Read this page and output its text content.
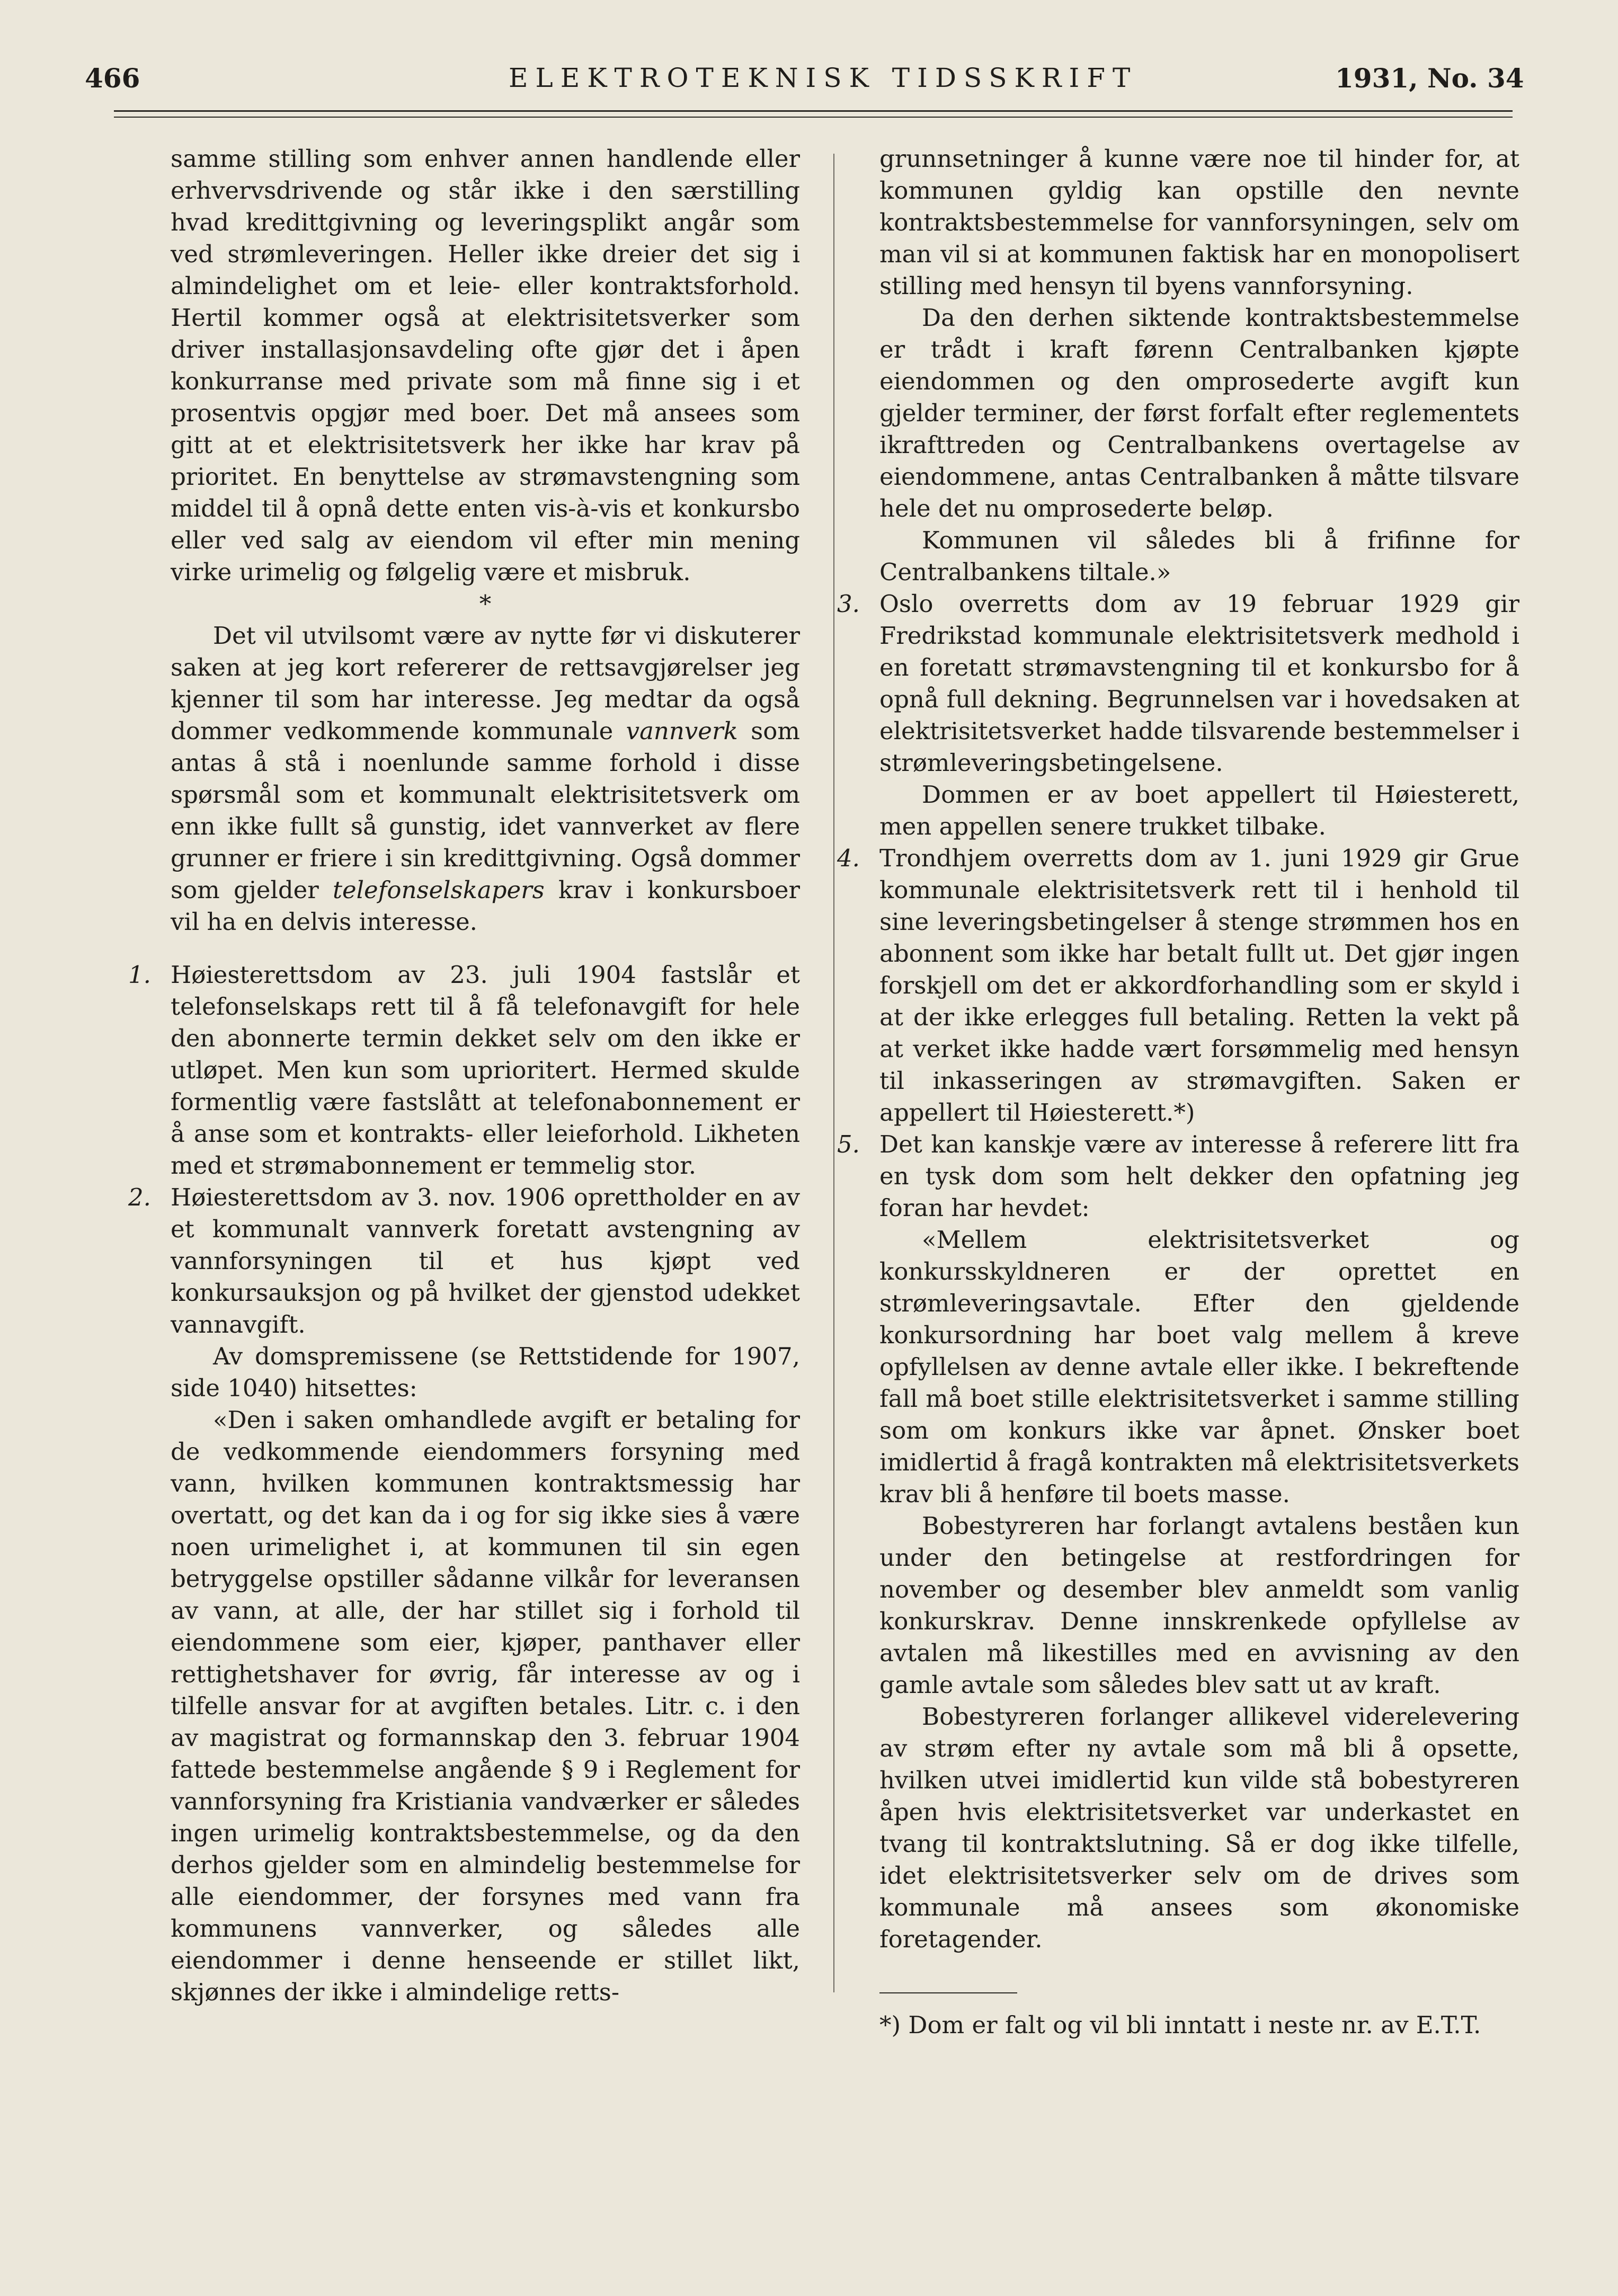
466	ELEKTROTEKNISK TIDSSKRIFT	1931, No. 34

samme stilling som enhver annen handlende eller erhvervsdrivende og står ikke i den særstilling hvad kredittgivning og leveringsplikt angår som ved strømleveringen. Heller ikke dreier det sig i almindelighet om et leie- eller kontraktsforhold. Hertil kommer også at elektrisitetsverker som driver installasjonsavdeling ofte gjør det i åpen konkurranse med private som må finne sig i et prosentvis opgjør med boer. Det må ansees som gitt at et elektrisitetsverk her ikke har krav på prioritet. En benyttelse av strømavstengning som middel til å opnå dette enten vis-à-vis et konkursbo eller ved salg av eiendom vil efter min mening virke urimelig og følgelig være et misbruk.

*

Det vil utvilsomt være av nytte før vi diskuterer saken at jeg kort refererer de rettsavgjørelser jeg kjenner til som har interesse. Jeg medtar da også dommer vedkommende kommunale vannverk som antas å stå i noenlunde samme forhold i disse spørsmål som et kommunalt elektrisitetsverk om enn ikke fullt så gunstig, idet vannverket av flere grunner er friere i sin kredittgivning. Også dommer som gjelder telefonselskapers krav i konkursboer vil ha en delvis interesse.

1. Høiesterettsdom av 23. juli 1904 fastslår et telefonselskaps rett til å få telefonavgift for hele den abonnerte termin dekket selv om den ikke er utløpet. Men kun som uprioritert. Hermed skulde formentlig være fastslått at telefonabonnement er å anse som et kontrakts- eller leieforhold. Likheten med et strømabonnement er temmelig stor.

2. Høiesterettsdom av 3. nov. 1906 oprettholder en av et kommunalt vannverk foretatt avstengning av vannforsyningen til et hus kjøpt ved konkursauksjon og på hvilket der gjenstod udekket vannavgift.

Av domspremissene (se Rettstidende for 1907, side 1040) hitsettes:

«Den i saken omhandlede avgift er betaling for de vedkommende eiendommers forsyning med vann, hvilken kommunen kontraktsmessig har overtatt, og det kan da i og for sig ikke sies å være noen urimelighet i, at kommunen til sin egen betryggelse opstiller sådanne vilkår for leveransen av vann, at alle, der har stillet sig i forhold til eiendommene som eier, kjøper, panthaver eller rettighetshaver for øvrig, får interesse av og i tilfelle ansvar for at avgiften betales. Litr. c. i den av magistrat og formannskap den 3. februar 1904 fattede bestemmelse angående § 9 i Reglement for vannforsyning fra Kristiania vandværker er således ingen urimelig kontraktsbestemmelse, og da den derhos gjelder som en almindelig bestemmelse for alle eiendommer, der forsynes med vann fra kommunens vannverker, og således alle eiendommer i denne henseende er stillet likt, skjønnes der ikke i almindelige retts-

grunnsetninger å kunne være noe til hinder for, at kommunen gyldig kan opstille den nevnte kontraktsbestemmelse for vannforsyningen, selv om man vil si at kommunen faktisk har en monopolisert stilling med hensyn til byens vannforsyning.

Da den derhen siktende kontraktsbestemmelse er trådt i kraft førenn Centralbanken kjøpte eiendommen og den omprosederte avgift kun gjelder terminer, der først forfalt efter reglementets ikrafttreden og Centralbankens overtagelse av eiendommene, antas Centralbanken å måtte tilsvare hele det nu omprosederte beløp.

Kommunen vil således bli å frifinne for Centralbankens tiltale.»

3. Oslo overretts dom av 19 februar 1929 gir Fredrikstad kommunale elektrisitetsverk medhold i en foretatt strømavstengning til et konkursbo for å opnå full dekning. Begrunnelsen var i hovedsaken at elektrisitetsverket hadde tilsvarende bestemmelser i strømleveringsbetingelsene.

Dommen er av boet appellert til Høiesterett, men appellen senere trukket tilbake.

4. Trondhjem overretts dom av 1. juni 1929 gir Grue kommunale elektrisitetsverk rett til i henhold til sine leveringsbetingelser å stenge strømmen hos en abonnent som ikke har betalt fullt ut. Det gjør ingen forskjell om det er akkordforhandling som er skyld i at der ikke erlegges full betaling. Retten la vekt på at verket ikke hadde vært forsømmelig med hensyn til inkasseringen av strømavgiften. Saken er appellert til Høiesterett.*)

5. Det kan kanskje være av interesse å referere litt fra en tysk dom som helt dekker den opfatning jeg foran har hevdet:

«Mellem elektrisitetsverket og konkursskyldneren er der oprettet en strømleveringsavtale. Efter den gjeldende konkursordning har boet valg mellem å kreve opfyllelsen av denne avtale eller ikke. I bekreftende fall må boet stille elektrisitetsverket i samme stilling som om konkurs ikke var åpnet. Ønsker boet imidlertid å fragå kontrakten må elektrisitetsverkets krav bli å henføre til boets masse.

Bobestyreren har forlangt avtalens beståen kun under den betingelse at restfordringen for november og desember blev anmeldt som vanlig konkurskrav. Denne innskrenkede opfyllelse av avtalen må likestilles med en avvisning av den gamle avtale som således blev satt ut av kraft.

Bobestyreren forlanger allikevel viderelevering av strøm efter ny avtale som må bli å opsette, hvilken utvei imidlertid kun vilde stå bobestyreren åpen hvis elektrisitetsverket var underkastet en tvang til kontraktslutning. Så er dog ikke tilfelle, idet elektrisitetsverker selv om de drives som kommunale må ansees som økonomiske foretagender.

*) Dom er falt og vil bli inntatt i neste nr. av E.T.T.
